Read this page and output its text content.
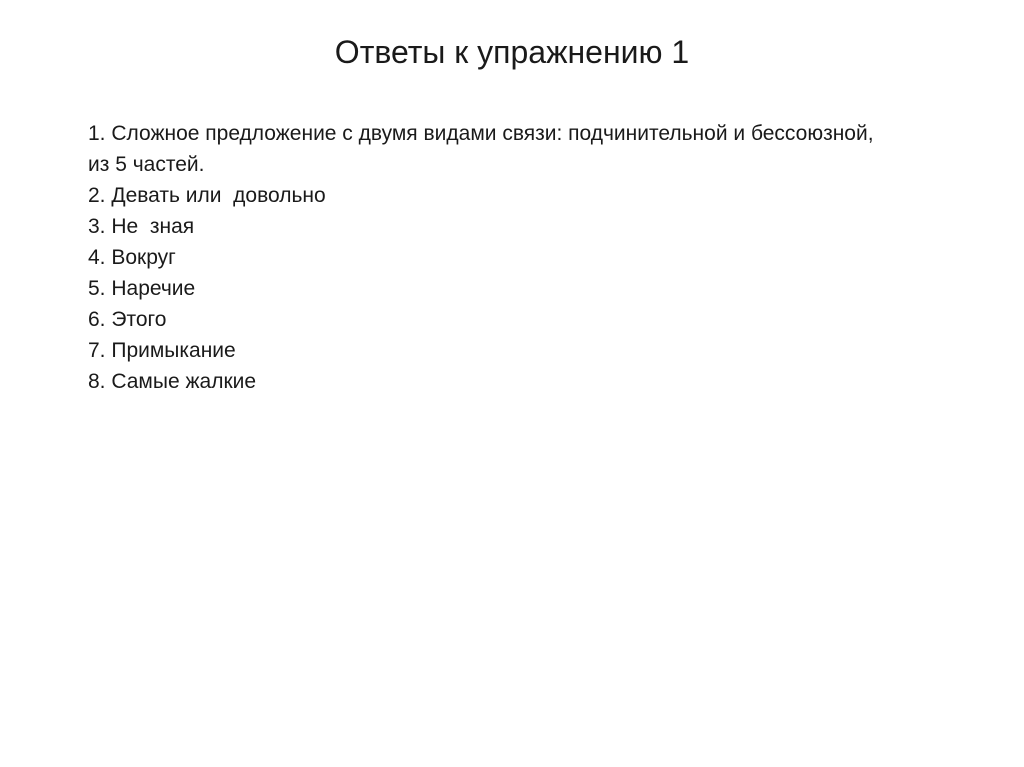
Ответы к упражнению 1
1. Сложное предложение с двумя видами связи: подчинительной и бессоюзной,
из 5 частей.
2. Девать или  довольно
3. Не  зная
4. Вокруг
5. Наречие
6. Этого
7. Примыкание
8. Самые жалкие
